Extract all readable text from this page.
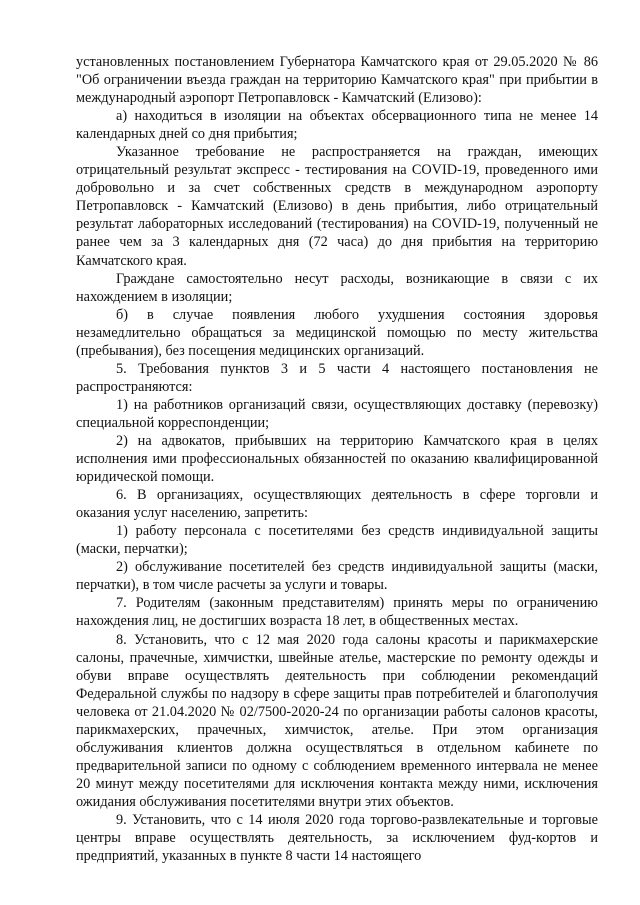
установленных постановлением Губернатора Камчатского края от 29.05.2020 № 86 "Об ограничении въезда граждан на территорию Камчатского края" при прибытии в международный аэропорт Петропавловск - Камчатский (Елизово):

а) находиться в изоляции на объектах обсервационного типа не менее 14 календарных дней со дня прибытия;

Указанное требование не распространяется на граждан, имеющих отрицательный результат экспресс - тестирования на COVID-19, проведенного ими добровольно и за счет собственных средств в международном аэропорту Петропавловск - Камчатский (Елизово) в день прибытия, либо отрицательный результат лабораторных исследований (тестирования) на COVID-19, полученный не ранее чем за 3 календарных дня (72 часа) до дня прибытия на территорию Камчатского края.

Граждане самостоятельно несут расходы, возникающие в связи с их нахождением в изоляции;

б) в случае появления любого ухудшения состояния здоровья незамедлительно обращаться за медицинской помощью по месту жительства (пребывания), без посещения медицинских организаций.

5. Требования пунктов 3 и 5 части 4 настоящего постановления не распространяются:

1) на работников организаций связи, осуществляющих доставку (перевозку) специальной корреспонденции;

2) на адвокатов, прибывших на территорию Камчатского края в целях исполнения ими профессиональных обязанностей по оказанию квалифицированной юридической помощи.

6. В организациях, осуществляющих деятельность в сфере торговли и оказания услуг населению, запретить:

1) работу персонала с посетителями без средств индивидуальной защиты (маски, перчатки);

2) обслуживание посетителей без средств индивидуальной защиты (маски, перчатки), в том числе расчеты за услуги и товары.

7. Родителям (законным представителям) принять меры по ограничению нахождения лиц, не достигших возраста 18 лет, в общественных местах.

8. Установить, что с 12 мая 2020 года салоны красоты и парикмахерские салоны, прачечные, химчистки, швейные ателье, мастерские по ремонту одежды и обуви вправе осуществлять деятельность при соблюдении рекомендаций Федеральной службы по надзору в сфере защиты прав потребителей и благополучия человека от 21.04.2020 № 02/7500-2020-24 по организации работы салонов красоты, парикмахерских, прачечных, химчисток, ателье. При этом организация обслуживания клиентов должна осуществляться в отдельном кабинете по предварительной записи по одному с соблюдением временного интервала не менее 20 минут между посетителями для исключения контакта между ними, исключения ожидания обслуживания посетителями внутри этих объектов.

9. Установить, что с 14 июля 2020 года торгово-развлекательные и торговые центры вправе осуществлять деятельность, за исключением фуд-кортов и предприятий, указанных в пункте 8 части 14 настоящего
